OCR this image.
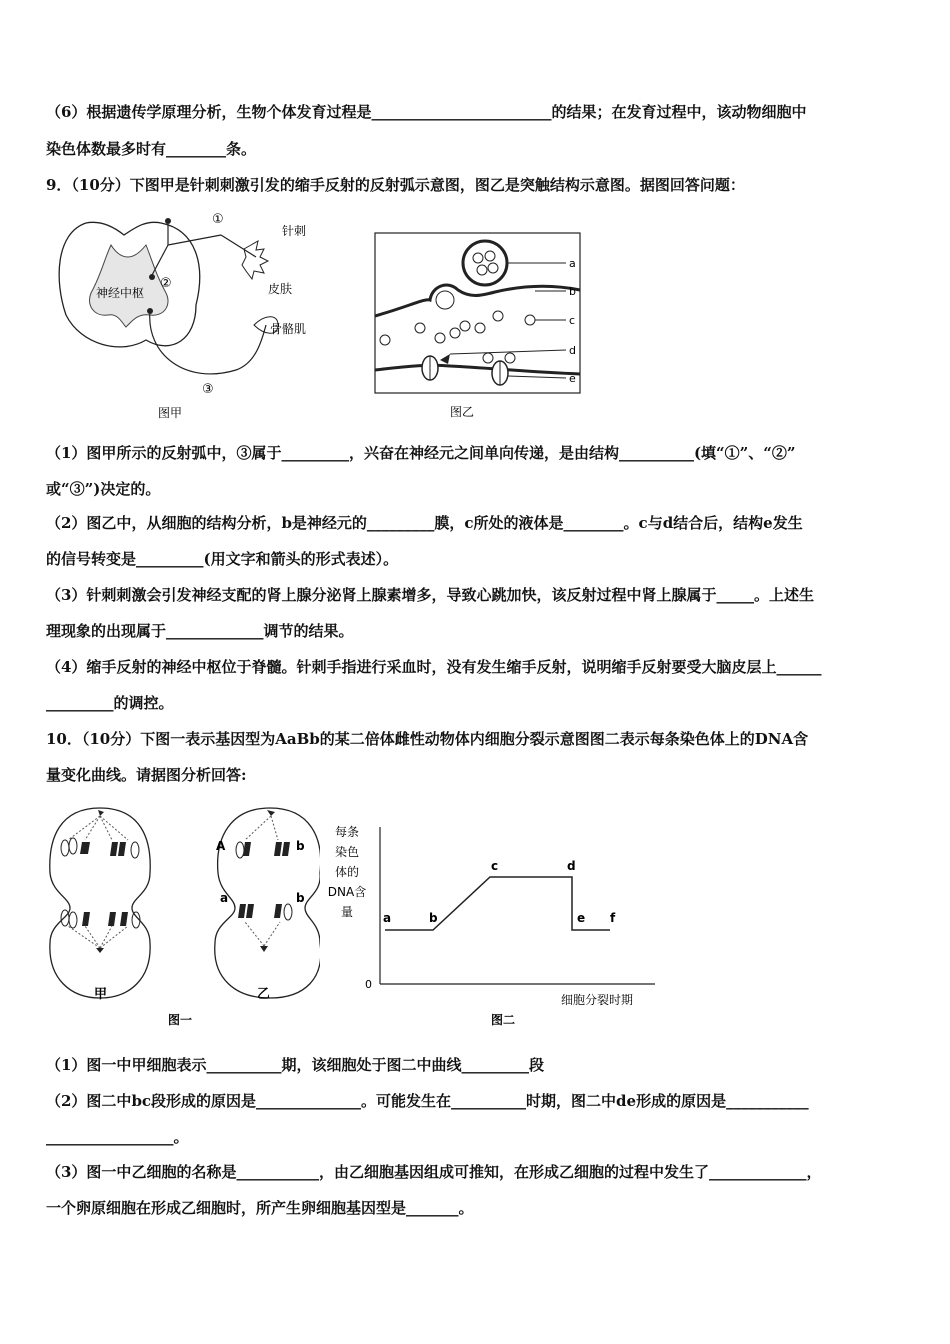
（6）根据遗传学原理分析，生物个体发育过程是________________________的结果；在发育过程中，该动物细胞中
染色体数最多时有________条。
9．（10分）下图甲是针刺刺激引发的缩手反射的反射弧示意图，图乙是突触结构示意图。据图回答问题：
神经中枢
针刺
皮肤
骨骼肌
①
②
③
图甲
a
b
c
d
e
图乙
（1）图甲所示的反射弧中，③属于_________，兴奋在神经元之间单向传递，是由结构__________(填“①”、“②”
或“③”)决定的。
（2）图乙中，从细胞的结构分析，b是神经元的_________膜，c所处的液体是________。c与d结合后，结构e发生
的信号转变是_________(用文字和箭头的形式表述）。
（3）针刺刺激会引发神经支配的肾上腺分泌肾上腺素增多，导致心跳加快，该反射过程中肾上腺属于_____。上述生
理现象的出现属于_____________调节的结果。
（4）缩手反射的神经中枢位于脊髓。针刺手指进行采血时，没有发生缩手反射，说明缩手反射要受大脑皮层上______
_________的调控。
10．（10分）下图一表示基因型为AaBb的某二倍体雌性动物体内细胞分裂示意图图二表示每条染色体上的DNA含
量变化曲线。请据图分析回答:
A	b
a	b
甲	乙
图一
每条
染色
体的
DNA含
量
0
细胞分裂时期
图二
a	b
c	d
e f
（1）图一中甲细胞表示__________期，该细胞处于图二中曲线_________段
（2）图二中bc段形成的原因是______________。可能发生在__________时期，图二中de形成的原因是___________
_________________。
（3）图一中乙细胞的名称是___________，由乙细胞基因组成可推知，在形成乙细胞的过程中发生了_____________，
一个卵原细胞在形成乙细胞时，所产生卵细胞基因型是_______。
